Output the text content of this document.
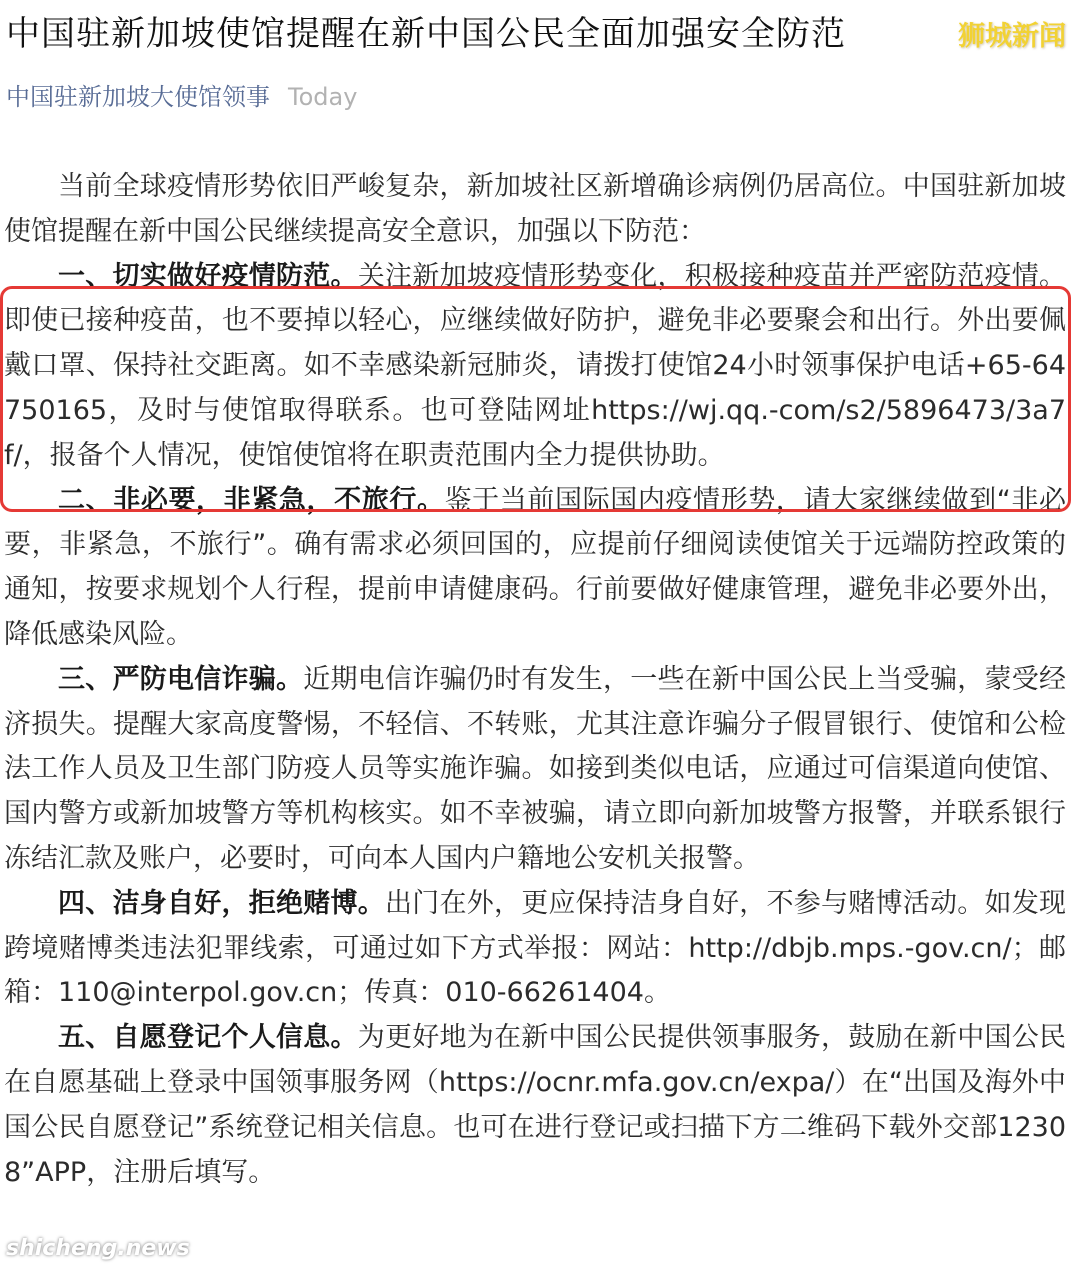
中国驻新加坡使馆提醒在新中国公民全面加强安全防范	狮城新闻
中国驻新加坡大使馆领事 Today

当前全球疫情形势依旧严峻复杂，新加坡社区新增确诊病例仍居高位。中国驻新加坡使馆提醒在新中国公民继续提高安全意识，加强以下防范：

一、切实做好疫情防范。关注新加坡疫情形势变化，积极接种疫苗并严密防范疫情。即使已接种疫苗，也不要掉以轻心，应继续做好防护，避免非必要聚会和出行。外出要佩戴口罩、保持社交距离。如不幸感染新冠肺炎，请拨打使馆24小时领事保护电话+65-64750165，及时与使馆取得联系。也可登陆网址https://wj.qq.-com/s2/5896473/3a7f/，报备个人情况，使馆使馆将在职责范围内全力提供协助。

二、非必要，非紧急，不旅行。鉴于当前国际国内疫情形势，请大家继续做到“非必要，非紧急，不旅行”。确有需求必须回国的，应提前仔细阅读使馆关于远端防控政策的通知，按要求规划个人行程，提前申请健康码。行前要做好健康管理，避免非必要外出，降低感染风险。

三、严防电信诈骗。近期电信诈骗仍时有发生，一些在新中国公民上当受骗，蒙受经济损失。提醒大家高度警惕，不轻信、不转账，尤其注意诈骗分子假冒银行、使馆和公检法工作人员及卫生部门防疫人员等实施诈骗。如接到类似电话，应通过可信渠道向使馆、国内警方或新加坡警方等机构核实。如不幸被骗，请立即向新加坡警方报警，并联系银行冻结汇款及账户，必要时，可向本人国内户籍地公安机关报警。

四、洁身自好，拒绝赌博。出门在外，更应保持洁身自好，不参与赌博活动。如发现跨境赌博类违法犯罪线索，可通过如下方式举报：网站：http://dbjb.mps.-gov.cn/；邮箱：110@interpol.gov.cn；传真：010-66261404。

五、自愿登记个人信息。为更好地为在新中国公民提供领事服务，鼓励在新中国公民在自愿基础上登录中国领事服务网（https://ocnr.mfa.gov.cn/expa/）在“出国及海外中国公民自愿登记”系统登记相关信息。也可在进行登记或扫描下方二维码下载外交部12308”APP，注册后填写。

shicheng.news
